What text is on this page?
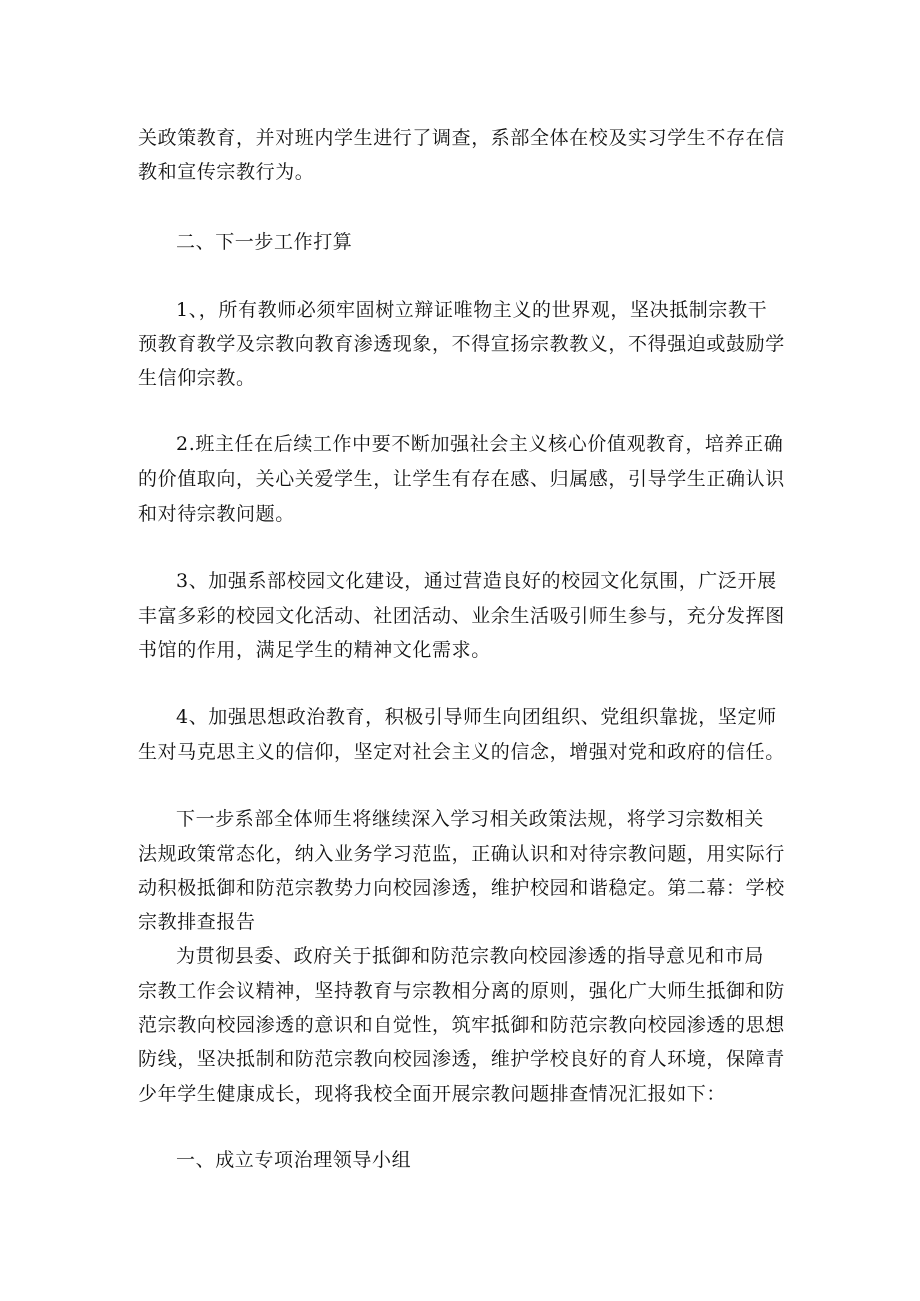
关政策教育，并对班内学生进行了调查，系部全体在校及实习学生不存在信
教和宣传宗教行为。
二、下一步工作打算
1、，所有教师必须牢固树立辩证唯物主义的世界观，坚决抵制宗教干
预教育教学及宗教向教育渗透现象，不得宣扬宗教教义，不得强迫或鼓励学
生信仰宗教。
2.班主任在后续工作中要不断加强社会主义核心价值观教育，培养正确
的价值取向，关心关爱学生，让学生有存在感、归属感，引导学生正确认识
和对待宗教问题。
3、加强系部校园文化建设，通过营造良好的校园文化氛围，广泛开展
丰富多彩的校园文化活动、社团活动、业余生活吸引师生参与，充分发挥图
书馆的作用，满足学生的精神文化需求。
4、加强思想政治教育，积极引导师生向团组织、党组织靠拢，坚定师
生对马克思主义的信仰，坚定对社会主义的信念，增强对党和政府的信任。
下一步系部全体师生将继续深入学习相关政策法规，将学习宗数相关
法规政策常态化，纳入业务学习范监，正确认识和对待宗教问题，用实际行
动积极抵御和防范宗教势力向校园渗透，维护校园和谐稳定。第二幕：学校
宗教排查报告
为贯彻县委、政府关于抵御和防范宗教向校园渗透的指导意见和市局
宗教工作会议精神，坚持教育与宗教相分离的原则，强化广大师生抵御和防
范宗教向校园渗透的意识和自觉性，筑牢抵御和防范宗教向校园渗透的思想
防线，坚决抵制和防范宗教向校园渗透，维护学校良好的育人环境，保障青
少年学生健康成长，现将我校全面开展宗教问题排查情况汇报如下：
一、成立专项治理领导小组
